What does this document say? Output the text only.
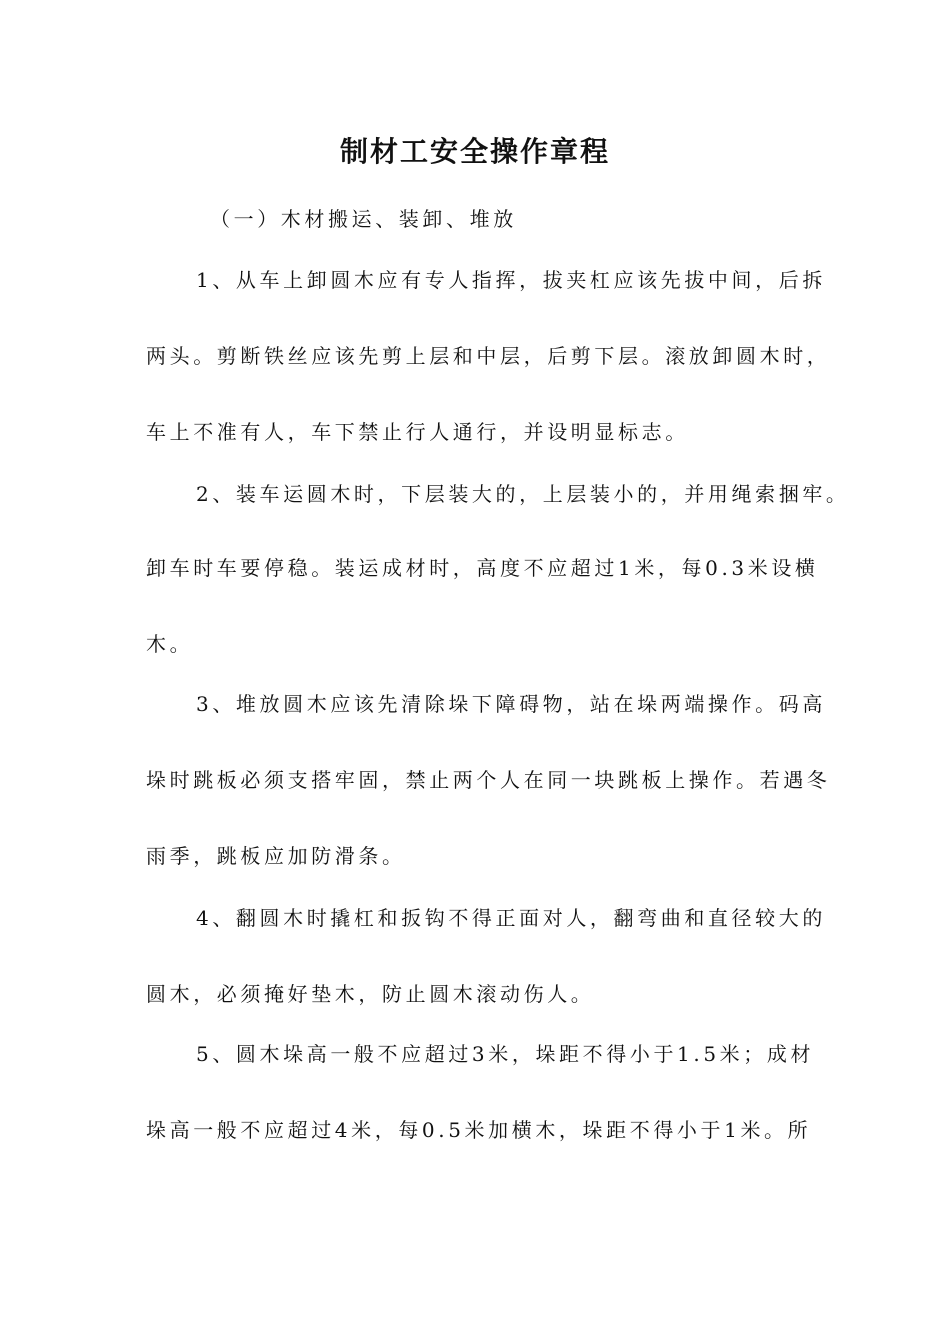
制材工安全操作章程
（一）木材搬运、装卸、堆放
1、从车上卸圆木应有专人指挥，拔夹杠应该先拔中间，后拆
两头。剪断铁丝应该先剪上层和中层，后剪下层。滚放卸圆木时，
车上不准有人，车下禁止行人通行，并设明显标志。
2、装车运圆木时，下层装大的，上层装小的，并用绳索捆牢。
卸车时车要停稳。装运成材时，高度不应超过1米，每0.3米设横
木。
3、堆放圆木应该先清除垛下障碍物，站在垛两端操作。码高
垛时跳板必须支搭牢固，禁止两个人在同一块跳板上操作。若遇冬
雨季，跳板应加防滑条。
4、翻圆木时撬杠和扳钩不得正面对人，翻弯曲和直径较大的
圆木，必须掩好垫木，防止圆木滚动伤人。
5、圆木垛高一般不应超过3米，垛距不得小于1.5米；成材
垛高一般不应超过4米，每0.5米加横木，垛距不得小于1米。所
